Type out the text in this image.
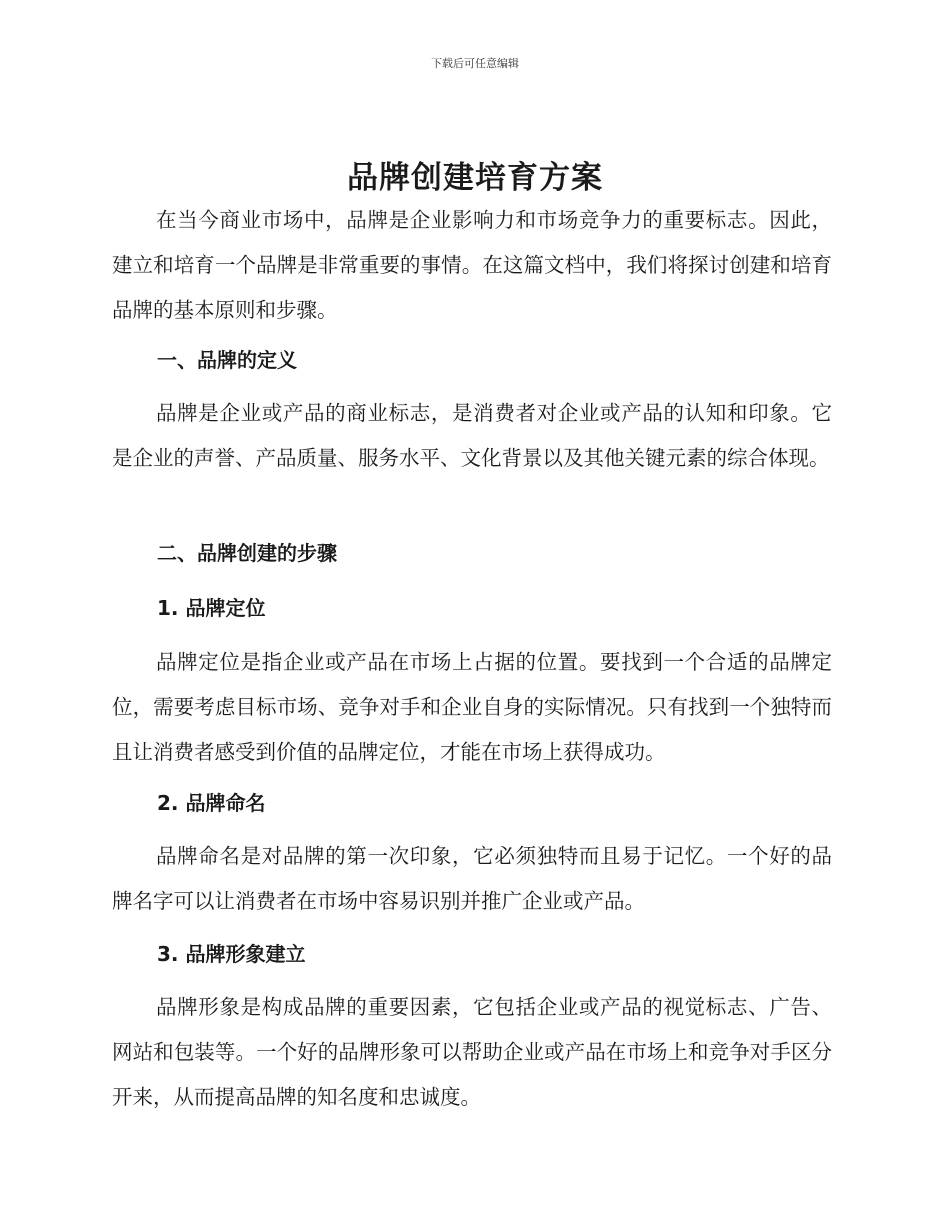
下载后可任意编辑
品牌创建培育方案

在当今商业市场中，品牌是企业影响力和市场竞争力的重要标志。因此，建立和培育一个品牌是非常重要的事情。在这篇文档中，我们将探讨创建和培育品牌的基本原则和步骤。

一、品牌的定义

品牌是企业或产品的商业标志，是消费者对企业或产品的认知和印象。它是企业的声誉、产品质量、服务水平、文化背景以及其他关键元素的综合体现。

二、品牌创建的步骤
1. 品牌定位

品牌定位是指企业或产品在市场上占据的位置。要找到一个合适的品牌定位，需要考虑目标市场、竞争对手和企业自身的实际情况。只有找到一个独特而且让消费者感受到价值的品牌定位，才能在市场上获得成功。

2. 品牌命名

品牌命名是对品牌的第一次印象，它必须独特而且易于记忆。一个好的品牌名字可以让消费者在市场中容易识别并推广企业或产品。

3. 品牌形象建立

品牌形象是构成品牌的重要因素，它包括企业或产品的视觉标志、广告、网站和包装等。一个好的品牌形象可以帮助企业或产品在市场上和竞争对手区分开来，从而提高品牌的知名度和忠诚度。
